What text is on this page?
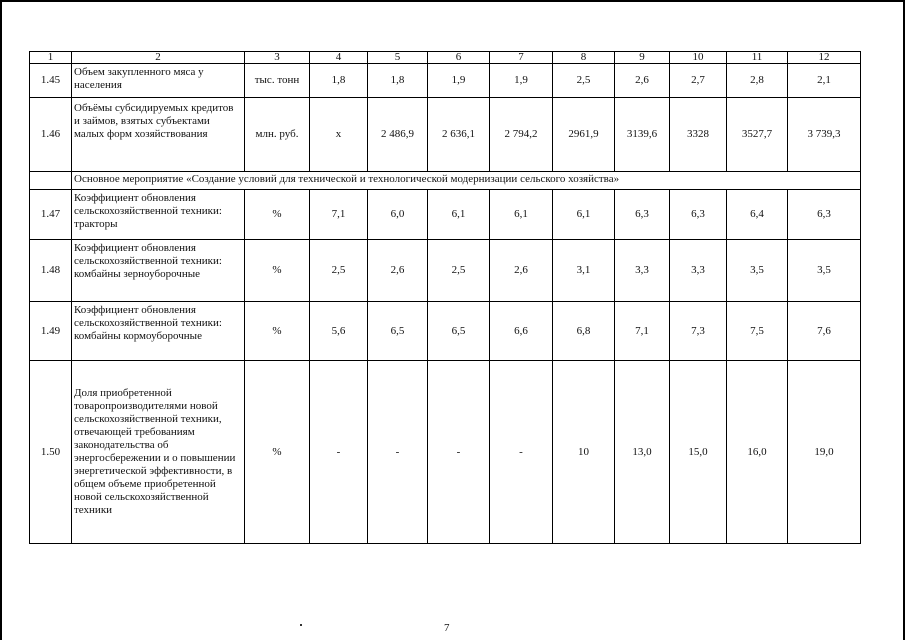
1	2	3	4	5	6	7	8	9	10	11	12
1.45	Объем закупленного мяса у населения	тыс. тонн	1,8	1,8	1,9	1,9	2,5	2,6	2,7	2,8	2,1
1.46	Объёмы субсидируемых кредитов и займов, взятых субъектами малых форм хозяйствования	млн. руб.	х	2 486,9	2 636,1	2 794,2	2961,9	3139,6	3328	3527,7	3 739,3
	Основное мероприятие «Создание условий для технической и технологической модернизации сельского хозяйства»										
1.47	Коэффициент обновления сельскохозяйственной техники: тракторы	%	7,1	6,0	6,1	6,1	6,1	6,3	6,3	6,4	6,3
1.48	Коэффициент обновления сельскохозяйственной техники: комбайны зерноуборочные	%	2,5	2,6	2,5	2,6	3,1	3,3	3,3	3,5	3,5
1.49	Коэффициент обновления сельскохозяйственной техники: комбайны кормоуборочные	%	5,6	6,5	6,5	6,6	6,8	7,1	7,3	7,5	7,6
1.50	Доля приобретенной товаропроизводителями новой сельскохозяйственной техники, отвечающей требованиям законодательства об энергосбережении и о повышении энергетической эффективности, в общем объеме приобретенной новой сельскохозяйственной техники	%	-	-	-	-	10	13,0	15,0	16,0	19,0
7
